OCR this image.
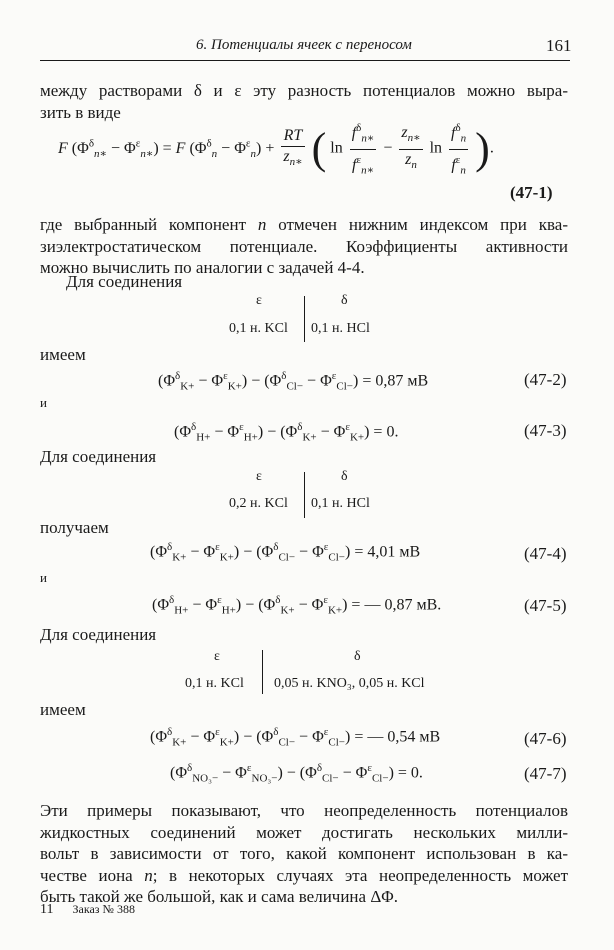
6. Потенциалы ячеек с переносом	161
между растворами δ и ε эту разность потенциалов можно выра-
зить в виде
F $(\Phi^\delta_{n∗} - \Phi^\varepsilon_{n∗}) = F$ $(\Phi^\delta_n - \Phi^\varepsilon_n) + \frac{RT}{z_{n∗}}$ ( $\ln \frac{f^\delta_{n∗}}{f^\varepsilon_{n∗}} - \frac{z_{n∗}}{z_n}$ $\ln \frac{f^\delta_n}{f^\varepsilon_n}$ ).
(47-1)
где выбранный компонент n отмечен нижним индексом при ква-
зиэлектростатическом потенциале. Коэффициенты активности
можно вычислить по аналогии с задачей 4-4.
Для соединения
ε	δ
0,1 н. KCl 0,1 н. HCl
имеем
$(\Phi^\delta_{K+} - \Phi^\varepsilon_{K+}) - (\Phi^\delta_{Cl-} - \Phi^\varepsilon_{Cl-}) = 0,87$ мВ	(47-2)
и
$(\Phi^\delta_{H+} - \Phi^\varepsilon_{H+}) - (\Phi^\delta_{K+} - \Phi^\varepsilon_{K+}) = 0$.	(47-3)
Для соединения
ε	δ
0,2 н. KCl 0,1 н. HCl
получаем
$(\Phi^\delta_{K+} - \Phi^\varepsilon_{K+}) - (\Phi^\delta_{Cl-} - \Phi^\varepsilon_{Cl-}) = 4,01$ мВ	(47-4)
и
$(\Phi^\delta_{H+} - \Phi^\varepsilon_{H+}) - (\Phi^\delta_{K+} - \Phi^\varepsilon_{K+})$ = — 0,87 мВ.	(47-5)
Для соединения
ε	δ
0,1 н. KCl 0,05 н. KNO₃, 0,05 н. KCl
имеем
$(\Phi^\delta_{K+} - \Phi^\varepsilon_{K+}) - (\Phi^\delta_{Cl-} - \Phi^\varepsilon_{Cl-})$ = — 0,54 мВ	(47-6)
$(\Phi^\delta_{NO_3-} - \Phi^\varepsilon_{NO_3-}) - (\Phi^\delta_{Cl-} - \Phi^\varepsilon_{Cl-}) = 0$.	(47-7)
Эти примеры показывают, что неопределенность потенциалов
жидкостных соединений может достигать нескольких милли-
вольт в зависимости от того, какой компонент использован в ка-
честве иона n; в некоторых случаях эта неопределенность может
быть такой же большой, как и сама величина ΔΦ.
11 Заказ № 388
